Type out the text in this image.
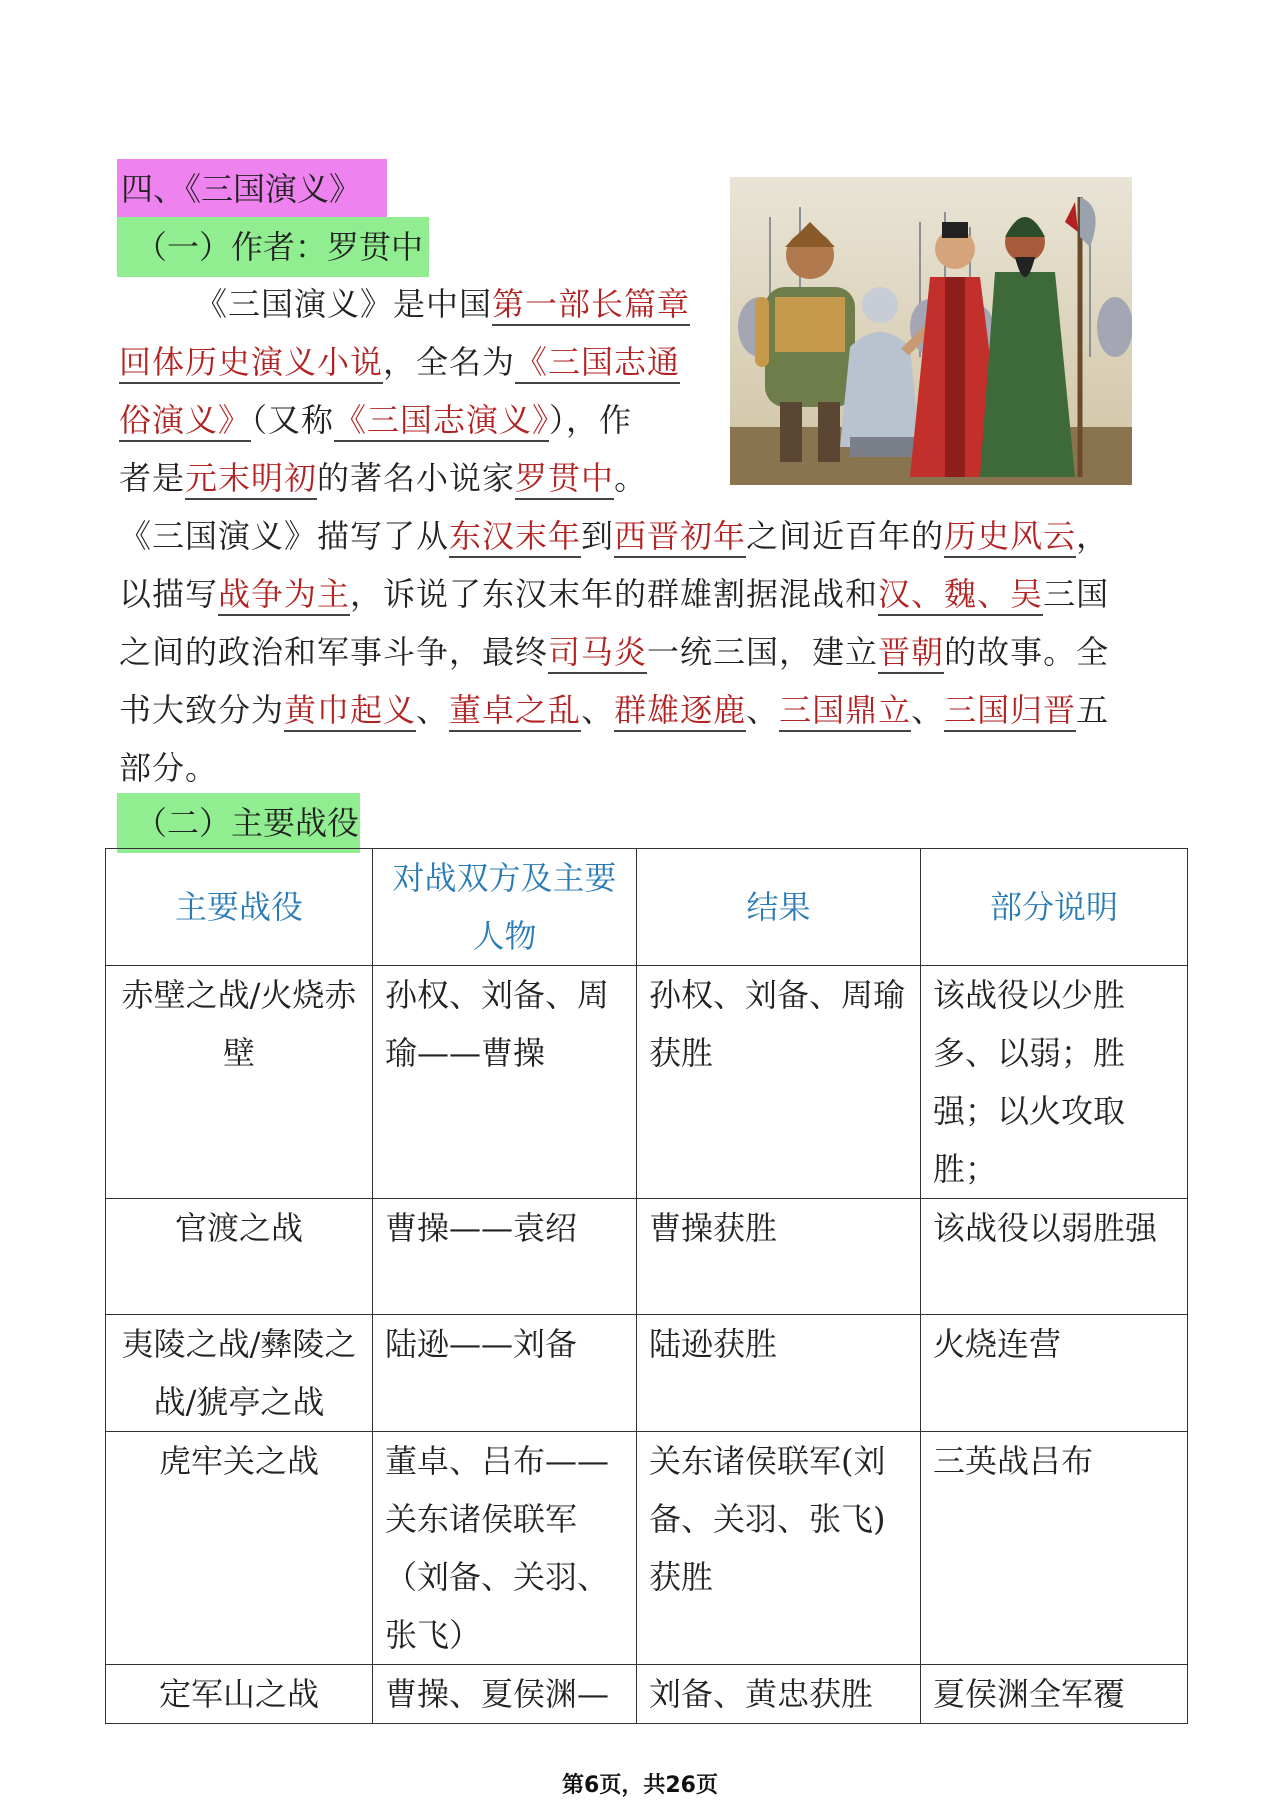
四、《三国演义》
（一）作者：罗贯中
《三国演义》是中国第一部长篇章
回体历史演义小说，全名为《三国志通
俗演义》（又称《三国志演义》），作
者是元末明初的著名小说家罗贯中。
《三国演义》描写了从东汉末年到西晋初年之间近百年的历史风云，
以描写战争为主，诉说了东汉末年的群雄割据混战和汉、魏、吴三国
之间的政治和军事斗争，最终司马炎一统三国，建立晋朝的故事。全
书大致分为黄巾起义、董卓之乱、群雄逐鹿、三国鼎立、三国归晋五
部分。
（二）主要战役
主要战役	对战双方及主要人物	结果	部分说明
赤壁之战/火烧赤壁	孙权、刘备、周瑜——曹操	孙权、刘备、周瑜获胜	该战役以少胜多、以弱；胜强；以火攻取胜；
官渡之战	曹操——袁绍	曹操获胜	该战役以弱胜强
夷陵之战/彝陵之战/猇亭之战	陆逊——刘备	陆逊获胜	火烧连营
虎牢关之战	董卓、吕布——关东诸侯联军（刘备、关羽、张飞）	关东诸侯联军(刘备、关羽、张飞)获胜	三英战吕布
定军山之战	曹操、夏侯渊—	刘备、黄忠获胜	夏侯渊全军覆
第6页，共26页
